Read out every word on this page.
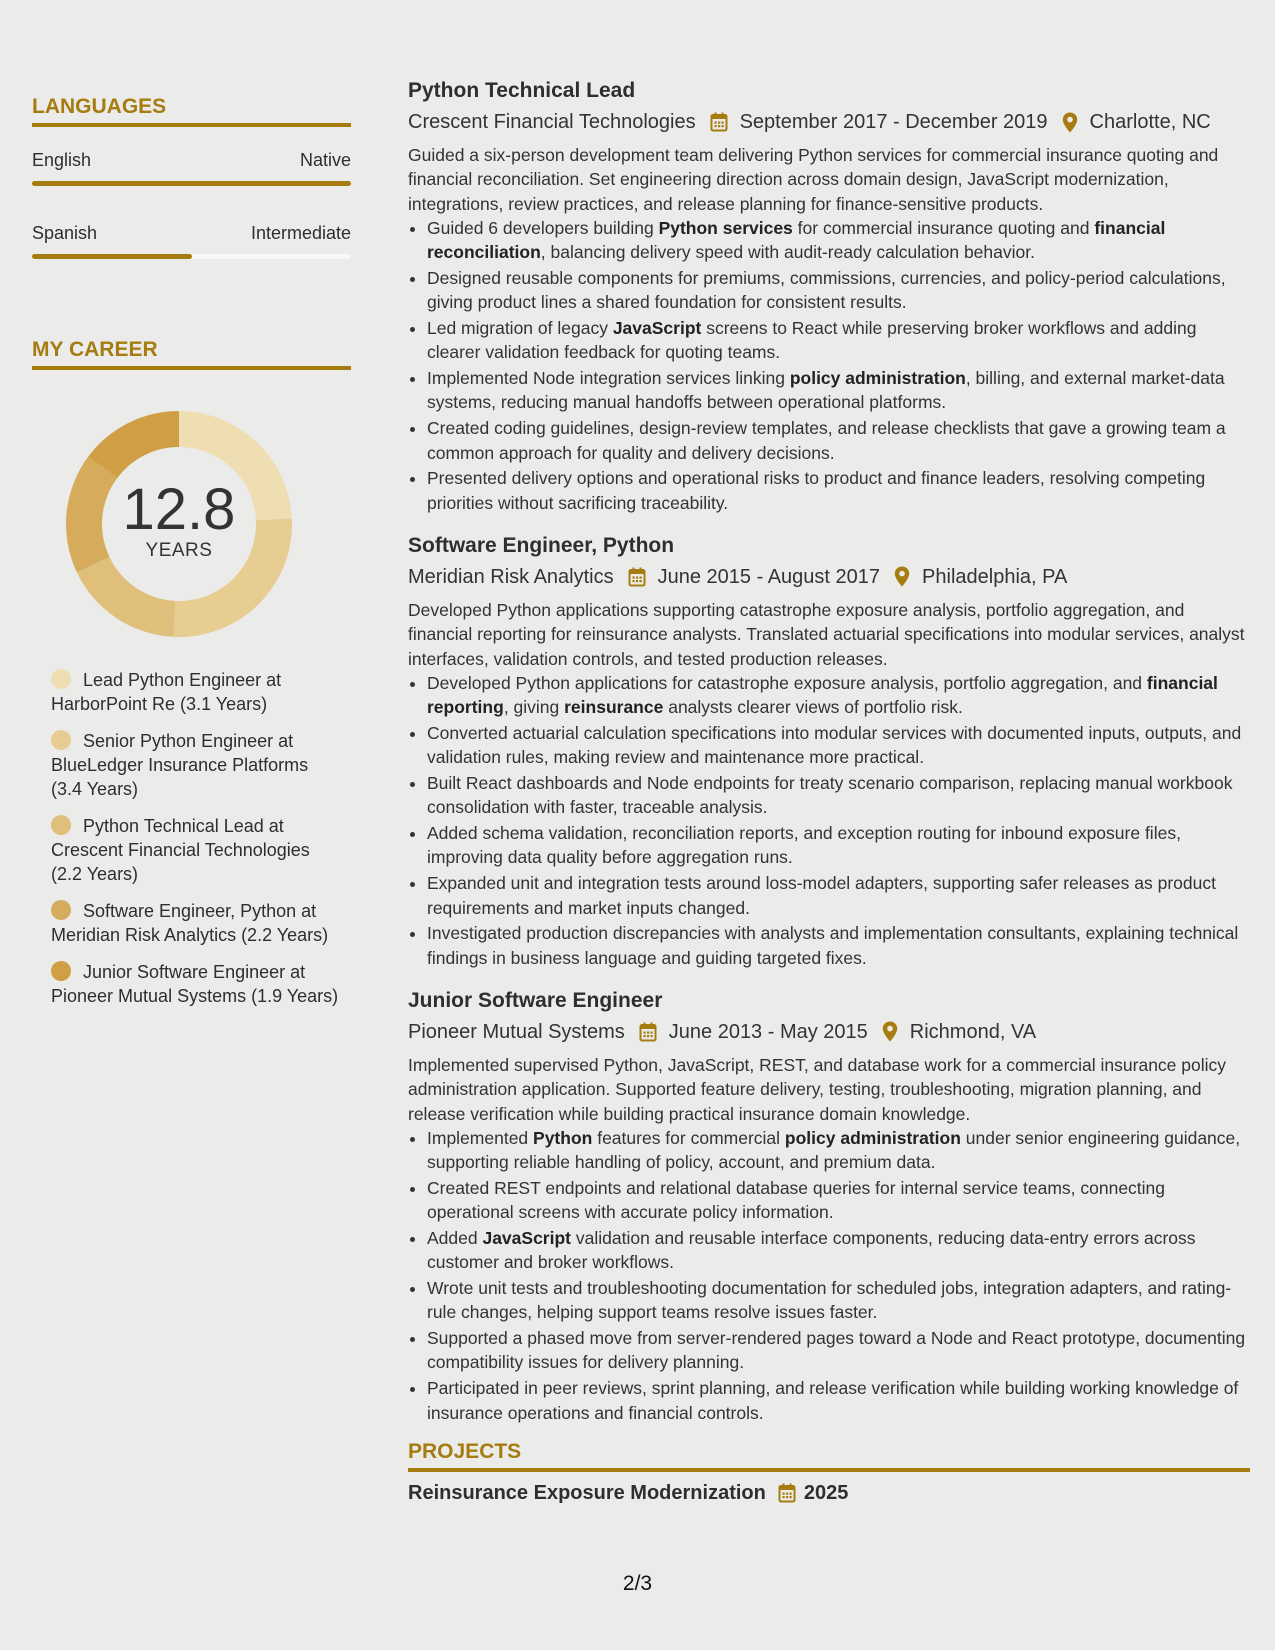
LANGUAGES
English	Native
Spanish	Intermediate
MY CAREER
12.8
YEARS
Lead Python Engineer at HarborPoint Re (3.1 Years)
Senior Python Engineer at BlueLedger Insurance Platforms (3.4 Years)
Python Technical Lead at Crescent Financial Technologies (2.2 Years)
Software Engineer, Python at Meridian Risk Analytics (2.2 Years)
Junior Software Engineer at Pioneer Mutual Systems (1.9 Years)
Python Technical Lead
Crescent Financial Technologies September 2017 - December 2019 Charlotte, NC

Guided a six-person development team delivering Python services for commercial insurance quoting and financial reconciliation. Set engineering direction across domain design, JavaScript modernization, integrations, review practices, and release planning for finance-sensitive products.

• Guided 6 developers building Python services for commercial insurance quoting and financial reconciliation, balancing delivery speed with audit-ready calculation behavior.
• Designed reusable components for premiums, commissions, currencies, and policy-period calculations, giving product lines a shared foundation for consistent results.
• Led migration of legacy JavaScript screens to React while preserving broker workflows and adding clearer validation feedback for quoting teams.
• Implemented Node integration services linking policy administration, billing, and external market-data systems, reducing manual handoffs between operational platforms.
• Created coding guidelines, design-review templates, and release checklists that gave a growing team a common approach for quality and delivery decisions.
• Presented delivery options and operational risks to product and finance leaders, resolving competing priorities without sacrificing traceability.
Software Engineer, Python
Meridian Risk Analytics June 2015 - August 2017 Philadelphia, PA

Developed Python applications supporting catastrophe exposure analysis, portfolio aggregation, and financial reporting for reinsurance analysts. Translated actuarial specifications into modular services, analyst interfaces, validation controls, and tested production releases.

• Developed Python applications for catastrophe exposure analysis, portfolio aggregation, and financial reporting, giving reinsurance analysts clearer views of portfolio risk.
• Converted actuarial calculation specifications into modular services with documented inputs, outputs, and validation rules, making review and maintenance more practical.
• Built React dashboards and Node endpoints for treaty scenario comparison, replacing manual workbook consolidation with faster, traceable analysis.
• Added schema validation, reconciliation reports, and exception routing for inbound exposure files, improving data quality before aggregation runs.
• Expanded unit and integration tests around loss-model adapters, supporting safer releases as product requirements and market inputs changed.
• Investigated production discrepancies with analysts and implementation consultants, explaining technical findings in business language and guiding targeted fixes.
Junior Software Engineer
Pioneer Mutual Systems June 2013 - May 2015 Richmond, VA

Implemented supervised Python, JavaScript, REST, and database work for a commercial insurance policy administration application. Supported feature delivery, testing, troubleshooting, migration planning, and release verification while building practical insurance domain knowledge.

• Implemented Python features for commercial policy administration under senior engineering guidance, supporting reliable handling of policy, account, and premium data.
• Created REST endpoints and relational database queries for internal service teams, connecting operational screens with accurate policy information.
• Added JavaScript validation and reusable interface components, reducing data-entry errors across customer and broker workflows.
• Wrote unit tests and troubleshooting documentation for scheduled jobs, integration adapters, and rating-rule changes, helping support teams resolve issues faster.
• Supported a phased move from server-rendered pages toward a Node and React prototype, documenting compatibility issues for delivery planning.
• Participated in peer reviews, sprint planning, and release verification while building working knowledge of insurance operations and financial controls.
PROJECTS
Reinsurance Exposure Modernization 2025
2/3
